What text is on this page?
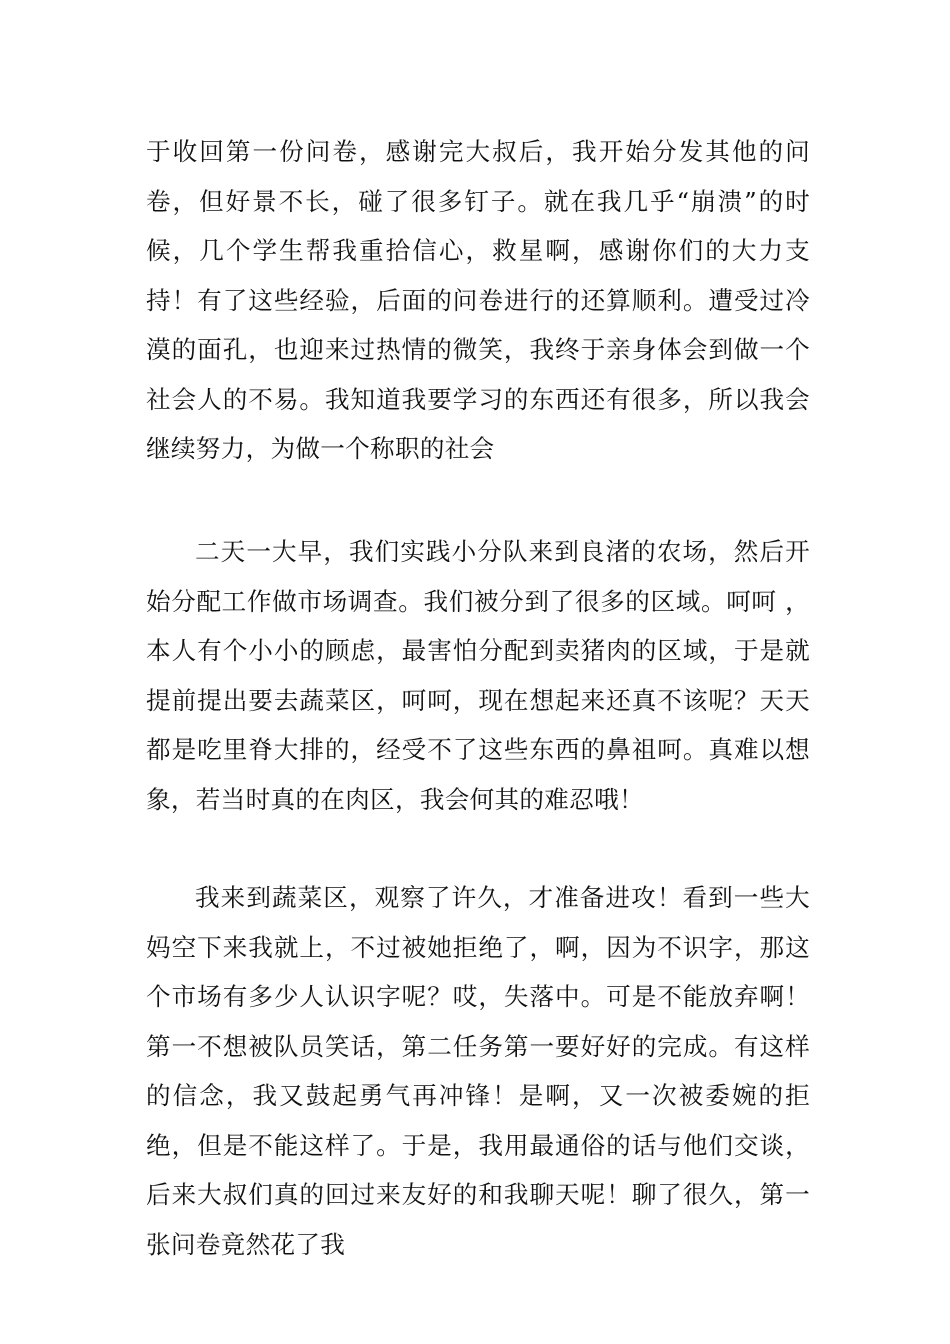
于收回第一份问卷，感谢完大叔后，我开始分发其他的问卷，但好景不长，碰了很多钉子。就在我几乎“崩溃”的时候，几个学生帮我重拾信心，救星啊，感谢你们的大力支持！有了这些经验，后面的问卷进行的还算顺利。遭受过冷漠的面孔，也迎来过热情的微笑，我终于亲身体会到做一个社会人的不易。我知道我要学习的东西还有很多，所以我会继续努力，为做一个称职的社会

二天一大早，我们实践小分队来到良渚的农场，然后开始分配工作做市场调查。我们被分到了很多的区域。呵呵 ，本人有个小小的顾虑，最害怕分配到卖猪肉的区域，于是就提前提出要去蔬菜区，呵呵，现在想起来还真不该呢？天天都是吃里脊大排的，经受不了这些东西的鼻祖呵。真难以想象，若当时真的在肉区，我会何其的难忍哦！

我来到蔬菜区，观察了许久，才准备进攻！看到一些大妈空下来我就上，不过被她拒绝了，啊，因为不识字，那这个市场有多少人认识字呢？哎，失落中。可是不能放弃啊！第一不想被队员笑话，第二任务第一要好好的完成。有这样的信念，我又鼓起勇气再冲锋！是啊，又一次被委婉的拒绝，但是不能这样了。于是，我用最通俗的话与他们交谈，后来大叔们真的回过来友好的和我聊天呢！聊了很久，第一张问卷竟然花了我
